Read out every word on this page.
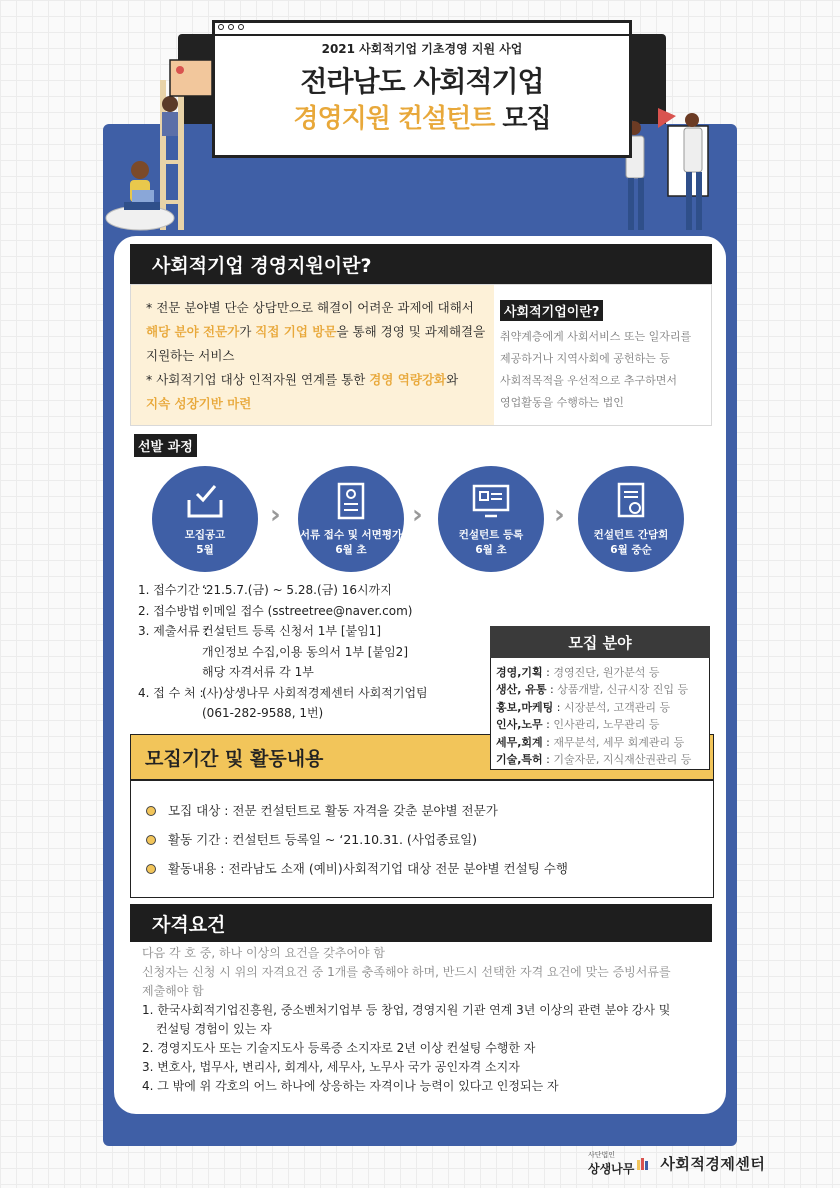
2021 사회적기업 기초경영 지원 사업
전라남도 사회적기업
경영지원 컨설턴트 모집
사회적기업 경영지원이란?
* 전문 분야별 단순 상담만으로 해결이 어려운 과제에 대해서
해당 분야 전문가가 직접 기업 방문을 통해 경영 및 과제해결을
지원하는 서비스
* 사회적기업 대상 인적자원 연계를 통한 경영 역량강화와
지속 성장기반 마련
사회적기업이란?
취약계층에게 사회서비스 또는 일자리를
제공하거나 지역사회에 공헌하는 등
사회적목적을 우선적으로 추구하면서
영업활동을 수행하는 법인
선발 과정
모집공고
5월
›
서류 접수 및 서면평가
6월 초
›
컨설턴트 등록
6월 초
›
컨설턴트 간담회
6월 중순
1. 접수기간 :
‘21.5.7.(금) ~ 5.28.(금) 16시까지
2. 접수방법 :
이메일 접수 (sstreetree@naver.com)
3. 제출서류 :
컨설턴트 등록 신청서 1부 [붙임1]
개인정보 수집,이용 동의서 1부 [붙임2]
해당 자격서류 각 1부
4. 접 수 처 :
(사)상생나무 사회적경제센터 사회적기업팀
(061-282-9588, 1번)
모집기간 및 활동내용
모집 대상 : 전문 컨설턴트로 활동 자격을 갖춘 분야별 전문가
활동 기간 : 컨설턴트 등록일 ~ ‘21.10.31. (사업종료일)
활동내용 : 전라남도 소재 (예비)사회적기업 대상 전문 분야별 컨설팅 수행
모집 분야
경영,기획 : 경영진단, 원가분석 등
생산, 유통 : 상품개발, 신규시장 진입 등
홍보,마케팅 : 시장분석, 고객관리 등
인사,노무 : 인사관리, 노무관리 등
세무,회계 : 재무분석, 세무 회계관리 등
기술,특허 : 기술자문, 지식재산권관리 등
자격요건
다음 각 호 중, 하나 이상의 요건을 갖추어야 함
신청자는 신청 시 위의 자격요건 중 1개를 충족해야 하며, 반드시 선택한 자격 요건에 맞는 증빙서류를
제출해야 함
1. 한국사회적기업진흥원, 중소벤처기업부 등 창업, 경영지원 기관 연계 3년 이상의 관련 분야 강사 및
컨설팅 경험이 있는 자
2. 경영지도사 또는 기술지도사 등록증 소지자로 2년 이상 컨설팅 수행한 자
3. 변호사, 법무사, 변리사, 회계사, 세무사, 노무사 국가 공인자격 소지자
4. 그 밖에 위 각호의 어느 하나에 상응하는 자격이나 능력이 있다고 인정되는 자
사단법인
상생나무 사회적경제센터
